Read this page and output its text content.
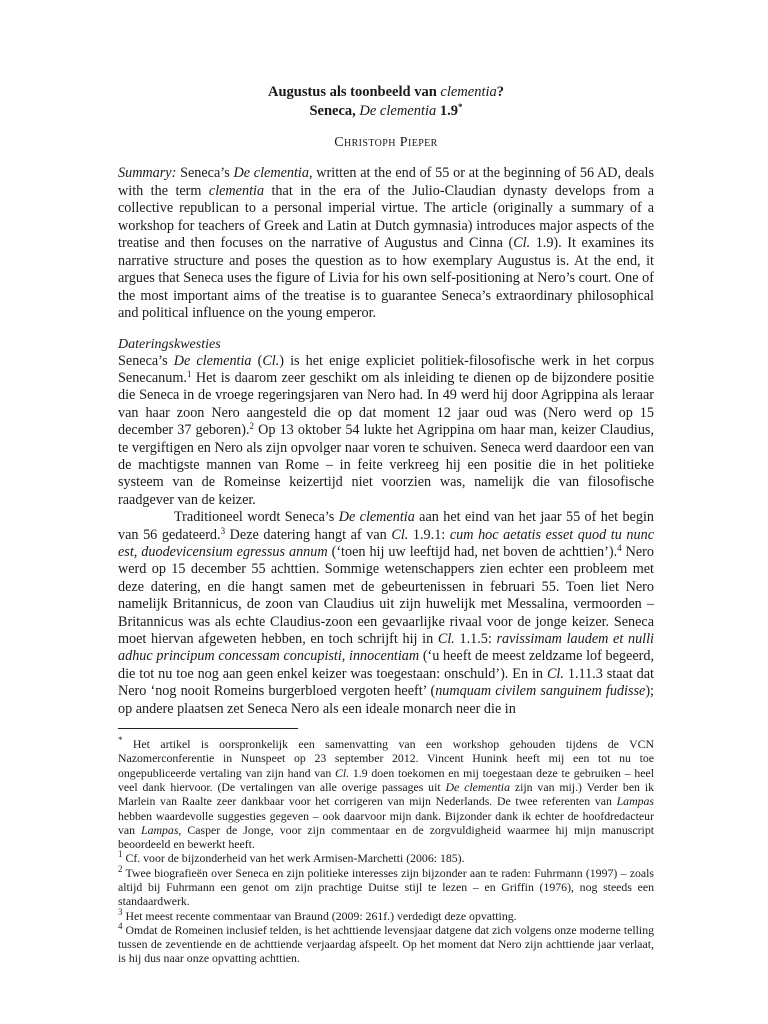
Augustus als toonbeeld van clementia?
Seneca, De clementia 1.9*
Christoph Pieper
Summary: Seneca’s De clementia, written at the end of 55 or at the beginning of 56 AD, deals with the term clementia that in the era of the Julio-Claudian dynasty develops from a collective republican to a personal imperial virtue. The article (originally a summary of a workshop for teachers of Greek and Latin at Dutch gymnasia) introduces major aspects of the treatise and then focuses on the narrative of Augustus and Cinna (Cl. 1.9). It examines its narrative structure and poses the question as to how exemplary Augustus is. At the end, it argues that Seneca uses the figure of Livia for his own self-positioning at Nero’s court. One of the most important aims of the treatise is to guarantee Seneca’s extraordinary philosophical and political influence on the young emperor.
Dateringskwesties

Seneca’s De clementia (Cl.) is het enige expliciet politiek-filosofische werk in het corpus Senecanum.$^1$ Het is daarom zeer geschikt om als inleiding te dienen op de bijzondere positie die Seneca in de vroege regeringsjaren van Nero had. In 49 werd hij door Agrippina als leraar van haar zoon Nero aangesteld die op dat moment 12 jaar oud was (Nero werd op 15 december 37 geboren).$^2$ Op 13 oktober 54 lukte het Agrippina om haar man, keizer Claudius, te vergiftigen en Nero als zijn opvolger naar voren te schuiven. Seneca werd daardoor een van de machtigste mannen van Rome – in feite verkreeg hij een positie die in het politieke systeem van de Romeinse keizertijd niet voorzien was, namelijk die van filosofische raadgever van de keizer.

Traditioneel wordt Seneca’s De clementia aan het eind van het jaar 55 of het begin van 56 gedateerd.$^3$ Deze datering hangt af van Cl. 1.9.1: cum hoc aetatis esset quod tu nunc est, duodevicensium egressus annum (‘toen hij uw leeftijd had, net boven de achttien’).$^4$ Nero werd op 15 december 55 achttien. Sommige wetenschappers zien echter een probleem met deze datering, en die hangt samen met de gebeurtenissen in februari 55. Toen liet Nero namelijk Britannicus, de zoon van Claudius uit zijn huwelijk met Messalina, vermoorden – Britannicus was als echte Claudius-zoon een gevaarlijke rivaal voor de jonge keizer. Seneca moet hiervan afgeweten hebben, en toch schrijft hij in Cl. 1.1.5: ravissimam laudem et nulli adhuc principum concessam concupisti, innocentiam (‘u heeft de meest zeldzame lof begeerd, die tot nu toe nog aan geen enkel keizer was toegestaan: onschuld’). En in Cl. 1.11.3 staat dat Nero ‘nog nooit Romeins burgerbloed vergoten heeft’ (numquam civilem sanguinem fudisse); op andere plaatsen zet Seneca Nero als een ideale monarch neer die in

* Het artikel is oorspronkelijk een samenvatting van een workshop gehouden tijdens de VCN Nazomerconferentie in Nunspeet op 23 september 2012. Vincent Hunink heeft mij een tot nu toe ongepubliceerde vertaling van zijn hand van Cl. 1.9 doen toekomen en mij toegestaan deze te gebruiken – heel veel dank hiervoor. (De vertalingen van alle overige passages uit De clementia zijn van mij.) Verder ben ik Marlein van Raalte zeer dankbaar voor het corrigeren van mijn Nederlands. De twee referenten van Lampas hebben waardevolle suggesties gegeven – ook daarvoor mijn dank. Bijzonder dank ik echter de hoofdredacteur van Lampas, Casper de Jonge, voor zijn commentaar en de zorgvuldigheid waarmee hij mijn manuscript beoordeeld en bewerkt heeft.

$^1$ Cf. voor de bijzonderheid van het werk Armisen-Marchetti (2006: 185).

$^2$ Twee biografieën over Seneca en zijn politieke interesses zijn bijzonder aan te raden: Fuhrmann (1997) – zoals altijd bij Fuhrmann een genot om zijn prachtige Duitse stijl te lezen – en Griffin (1976), nog steeds een standaardwerk.

$^3$ Het meest recente commentaar van Braund (2009: 261f.) verdedigt deze opvatting.

$^4$ Omdat de Romeinen inclusief telden, is het achttiende levensjaar datgene dat zich volgens onze moderne telling tussen de zeventiende en de achttiende verjaardag afspeelt. Op het moment dat Nero zijn achttiende jaar verlaat, is hij dus naar onze opvatting achttien.
